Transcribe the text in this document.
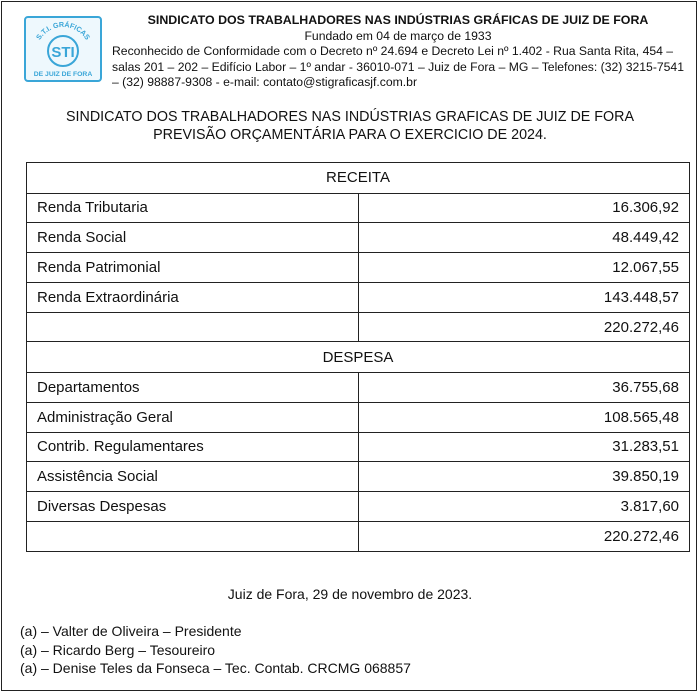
S.T.I. GRÁFICAS
STI
DE JUIZ DE FORA
SINDICATO DOS TRABALHADORES NAS INDÚSTRIAS GRÁFICAS DE JUIZ DE FORA
Fundado em 04 de março de 1933
Reconhecido de Conformidade com o Decreto nº 24.694 e Decreto Lei nº 1.402 - Rua Santa Rita, 454 – salas 201 – 202 – Edifício Labor – 1º andar - 36010-071 – Juiz de Fora – MG – Telefones: (32) 3215-7541 – (32) 98887-9308 - e-mail: contato@stigraficasjf.com.br
SINDICATO DOS TRABALHADORES NAS INDÚSTRIAS GRAFICAS DE JUIZ DE FORA
PREVISÃO ORÇAMENTÁRIA PARA O EXERCICIO DE 2024.
RECEITA	
Renda Tributaria	16.306,92
Renda Social	48.449,42
Renda Patrimonial	12.067,55
Renda Extraordinária	143.448,57
	220.272,46
DESPESA	
Departamentos	36.755,68
Administração Geral	108.565,48
Contrib. Regulamentares	31.283,51
Assistência Social	39.850,19
Diversas Despesas	3.817,60
	220.272,46
Juiz de Fora, 29 de novembro de 2023.
(a) – Valter de Oliveira – Presidente
(a) – Ricardo Berg – Tesoureiro
(a) – Denise Teles da Fonseca – Tec. Contab. CRCMG 068857
